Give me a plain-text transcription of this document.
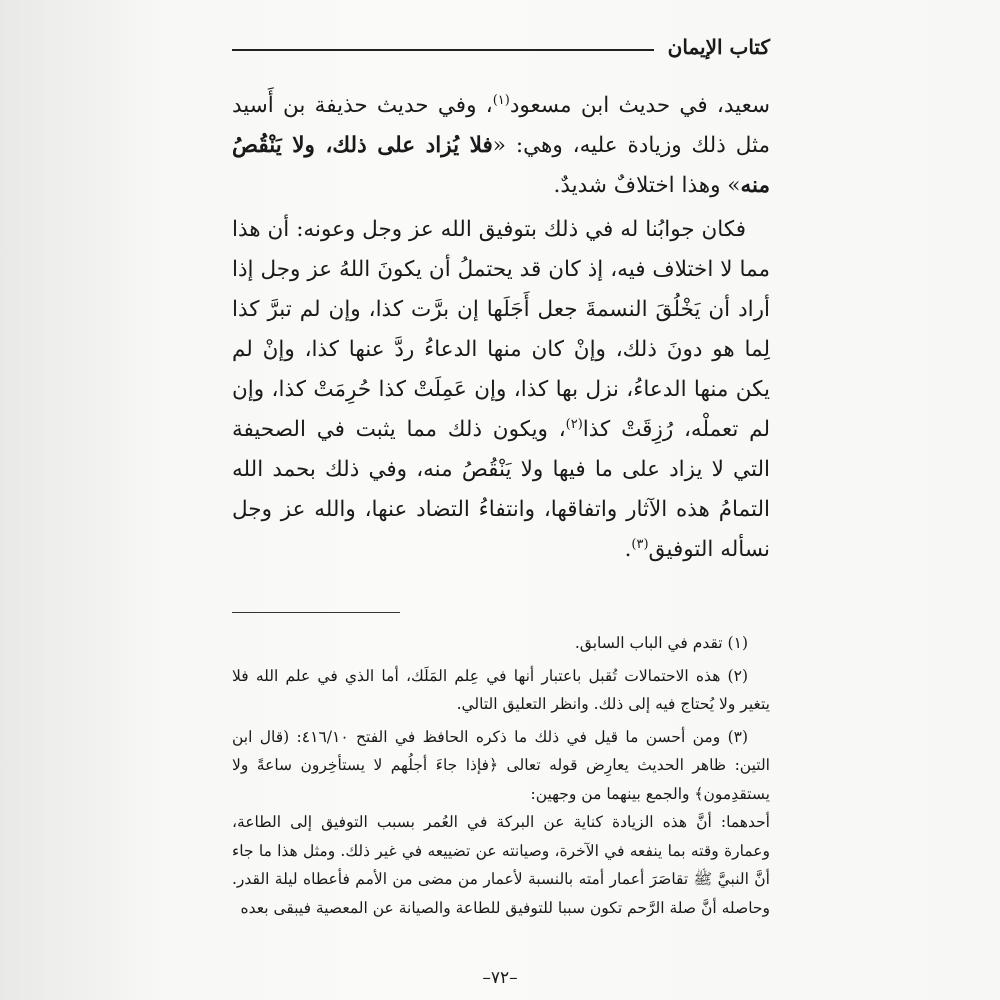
كتاب الإيمان

سعيد، في حديث ابن مسعود$^{(١)}$، وفي حديث حذيفة بن أَسيد مثل ذلك وزيادة عليه، وهي: «فلا يُزاد على ذلك، ولا يَنْقُصُ منه» وهذا اختلافٌ شديدٌ.

فكان جوابُنا له في ذلك بتوفيق الله عز وجل وعونه: أن هذا مما لا اختلاف فيه، إذ كان قد يحتملُ أن يكونَ اللهُ عز وجل إذا أراد أن يَخْلُقَ النسمةَ جعل أَجَلَها إن برَّت كذا، وإن لم تبرَّ كذا لِما هو دونَ ذلك، وإنْ كان منها الدعاءُ ردَّ عنها كذا، وإنْ لم يكن منها الدعاءُ، نزل بها كذا، وإن عَمِلَتْ كذا حُرِمَتْ كذا، وإن لم تعملْه، رُزِقَتْ كذا$^{(٢)}$، ويكون ذلك مما يثبت في الصحيفة التي لا يزاد على ما فيها ولا يَنْقُصُ منه، وفي ذلك بحمد الله التمامُ هذه الآثار واتفاقها، وانتفاءُ التضاد عنها، والله عز وجل نسأله التوفيق$^{(٣)}$.

(١) تقدم في الباب السابق.

(٢) هذه الاحتمالات تُقبل باعتبار أنها في عِلم المَلَك، أما الذي في علم الله فلا يتغير ولا يُحتاج فيه إلى ذلك. وانظر التعليق التالي.

(٣) ومن أحسن ما قيل في ذلك ما ذكره الحافظ في الفتح ٤١٦/١٠: (قال ابن التين: ظاهر الحديث يعارِض قوله تعالى ﴿فإذا جاءَ أجلُهم لا يستأخِرون ساعةً ولا يستقدِمون﴾ والجمع بينهما من وجهين:

أحدهما: أنَّ هذه الزيادة كناية عن البركة في العُمر بسبب التوفيق إلى الطاعة، وعمارة وقته بما ينفعه في الآخرة، وصيانته عن تضييعه في غير ذلك. ومثل هذا ما جاء أنَّ النبيَّ ﷺ تقاصَرَ أعمار أمته بالنسبة لأعمار من مضى من الأمم فأعطاه ليلة القدر. وحاصله أنَّ صلة الرَّحم تكون سببا للتوفيق للطاعة والصيانة عن المعصية فيبقى بعده

–٧٢–
